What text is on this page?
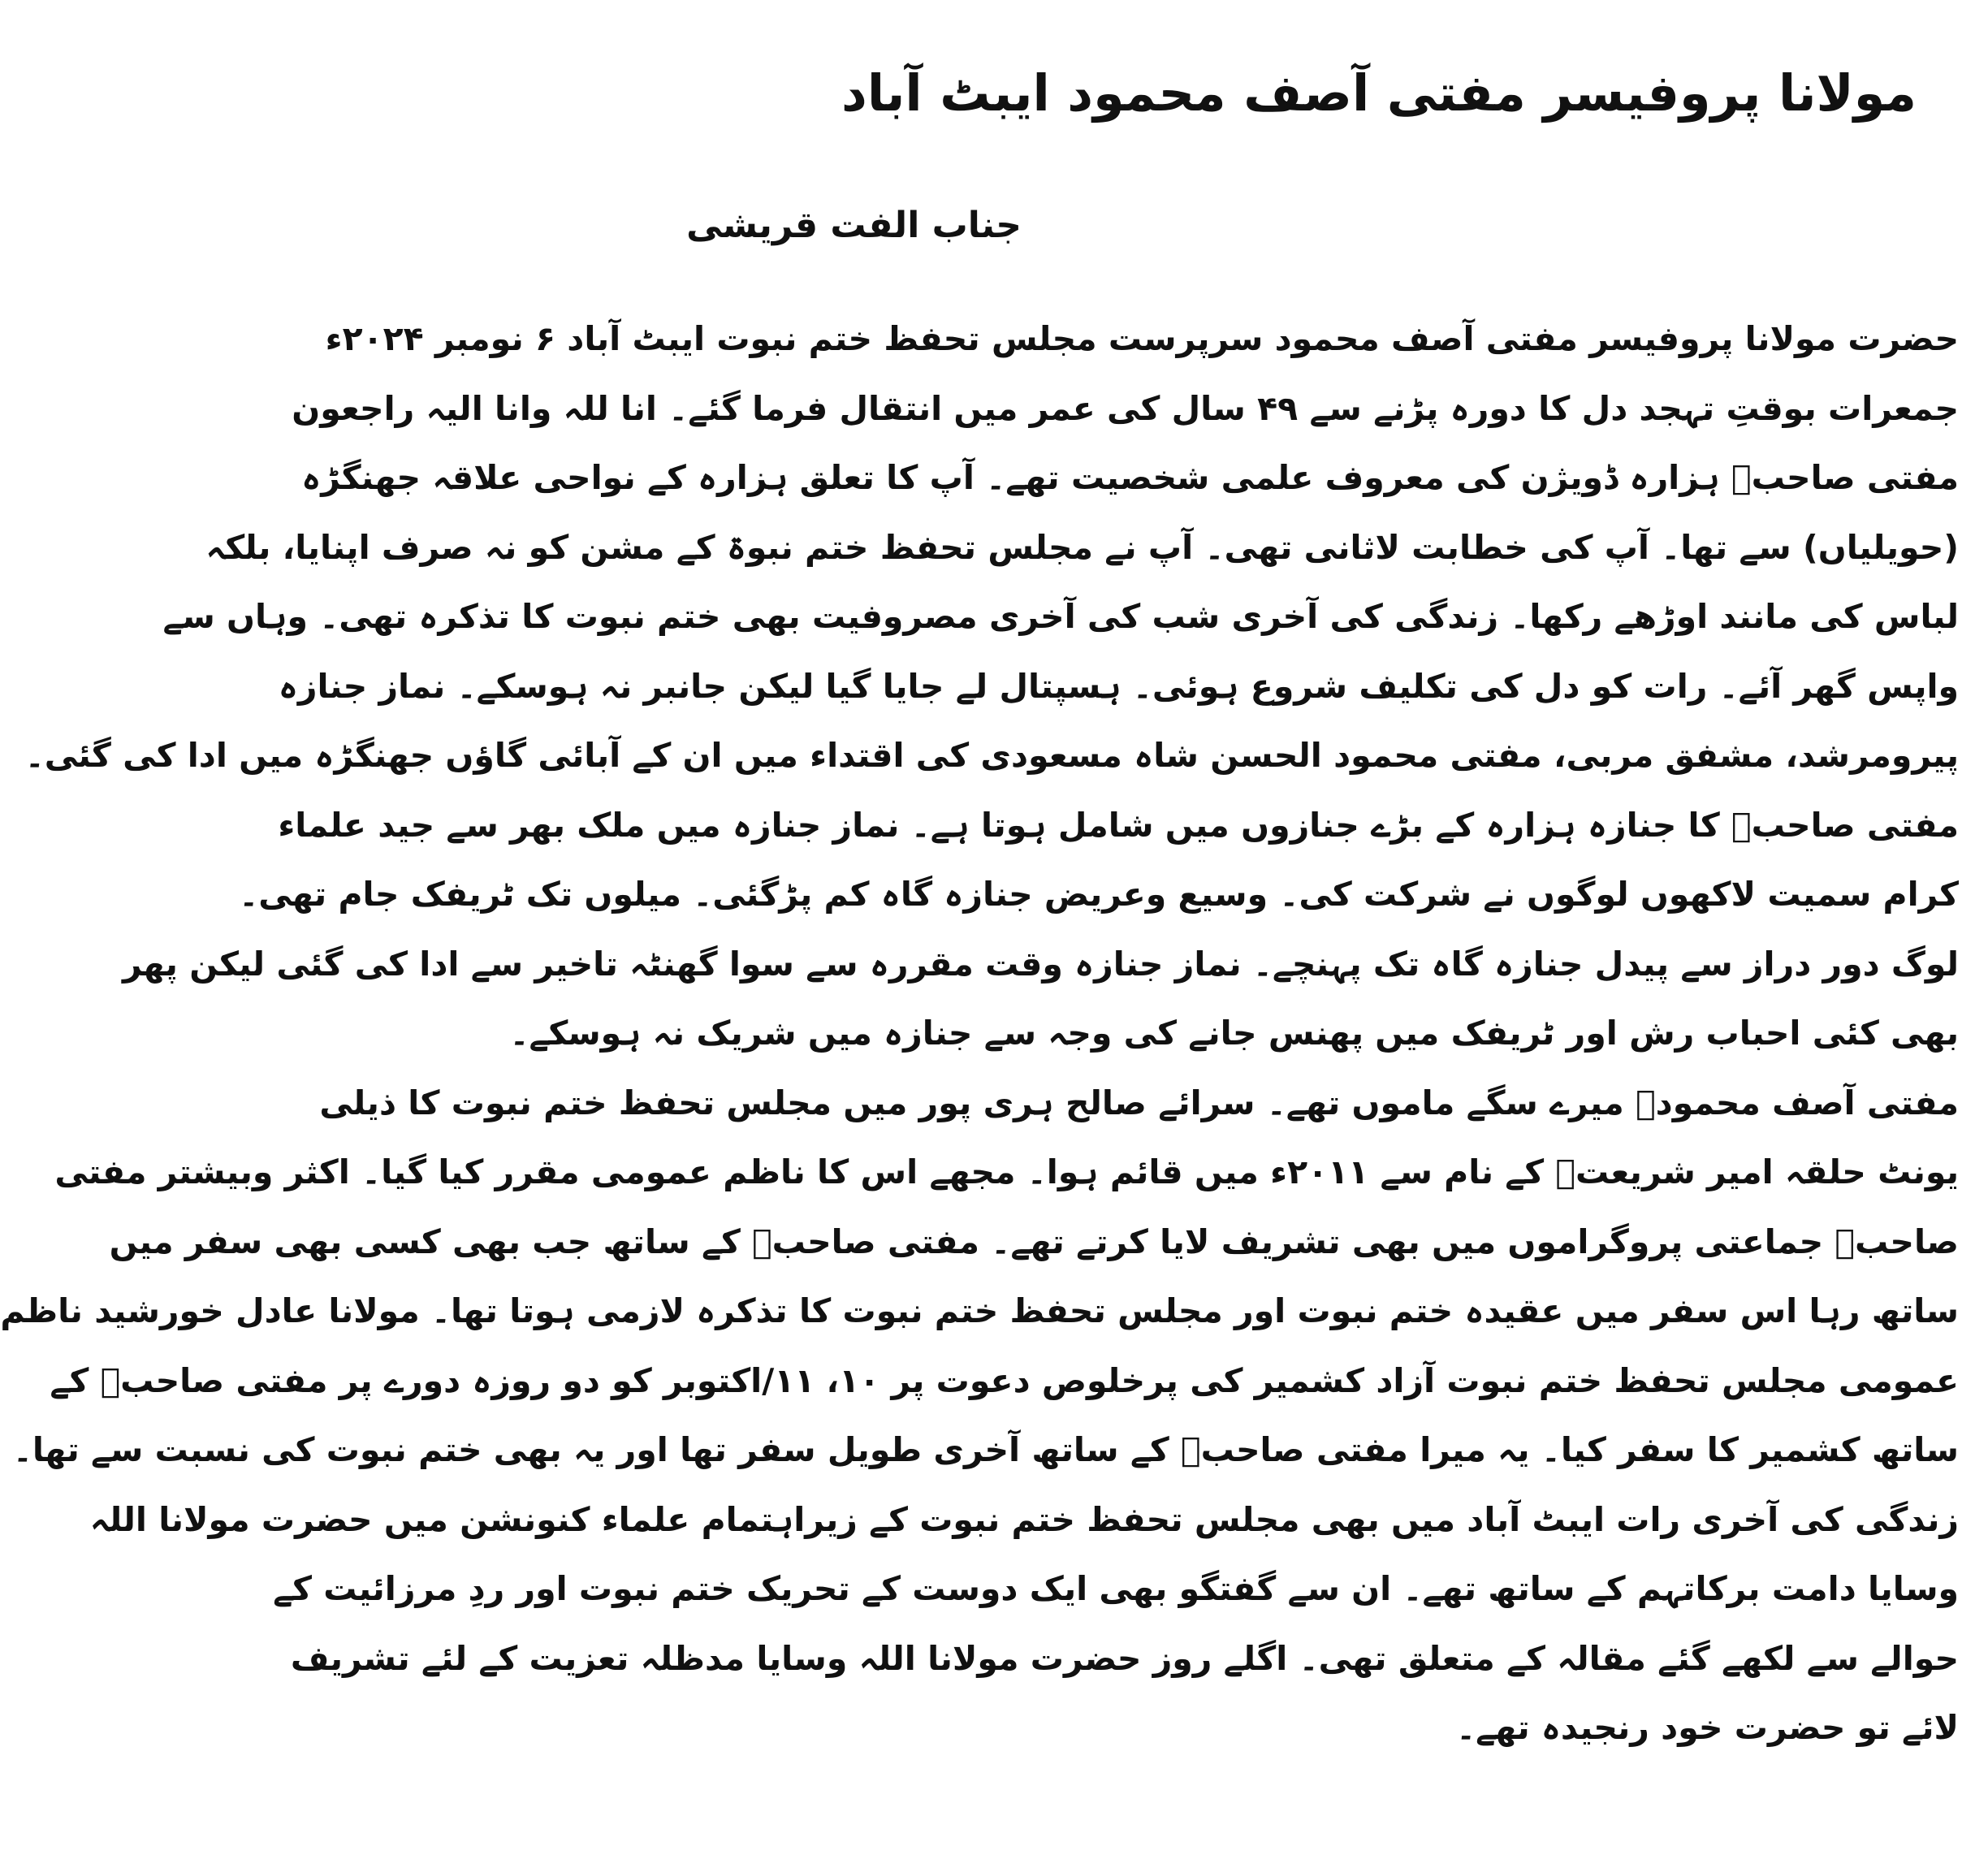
مولانا پروفیسر مفتی آصف محمود ایبٹ آباد

جناب الفت قریشی

حضرت مولانا پروفیسر مفتی آصف محمود سرپرست مجلس تحفظ ختم نبوت ایبٹ آباد ۶ نومبر ۲۰۲۴ء
جمعرات بوقتِ تہجد دل کا دورہ پڑنے سے ۴۹ سال کی عمر میں انتقال فرما گئے۔ انا للہ وانا الیہ راجعون
مفتی صاحبؒ ہزارہ ڈویژن کی معروف علمی شخصیت تھے۔ آپ کا تعلق ہزارہ کے نواحی علاقہ جھنگڑہ
(حویلیاں) سے تھا۔ آپ کی خطابت لاثانی تھی۔ آپ نے مجلس تحفظ ختم نبوۃ کے مشن کو نہ صرف اپنایا، بلکہ
لباس کی مانند اوڑھے رکھا۔ زندگی کی آخری شب کی آخری مصروفیت بھی ختم نبوت کا تذکرہ تھی۔ وہاں سے
واپس گھر آئے۔ رات کو دل کی تکلیف شروع ہوئی۔ ہسپتال لے جایا گیا لیکن جانبر نہ ہوسکے۔ نماز جنازہ
پیرومرشد، مشفق مربی، مفتی محمود الحسن شاہ مسعودی کی اقتداء میں ان کے آبائی گاؤں جھنگڑہ میں ادا کی گئی۔
مفتی صاحبؒ کا جنازہ ہزارہ کے بڑے جنازوں میں شامل ہوتا ہے۔ نماز جنازہ میں ملک بھر سے جید علماء
کرام سمیت لاکھوں لوگوں نے شرکت کی۔ وسیع وعریض جنازہ گاہ کم پڑگئی۔ میلوں تک ٹریفک جام تھی۔
لوگ دور دراز سے پیدل جنازہ گاہ تک پہنچے۔ نماز جنازہ وقت مقررہ سے سوا گھنٹہ تاخیر سے ادا کی گئی لیکن پھر
بھی کئی احباب رش اور ٹریفک میں پھنس جانے کی وجہ سے جنازہ میں شریک نہ ہوسکے۔
مفتی آصف محمودؒ میرے سگے ماموں تھے۔ سرائے صالح ہری پور میں مجلس تحفظ ختم نبوت کا ذیلی
یونٹ حلقہ امیر شریعتؒ کے نام سے ۲۰۱۱ء میں قائم ہوا۔ مجھے اس کا ناظم عمومی مقرر کیا گیا۔ اکثر وبیشتر مفتی
صاحبؒ جماعتی پروگراموں میں بھی تشریف لایا کرتے تھے۔ مفتی صاحبؒ کے ساتھ جب بھی کسی بھی سفر میں
ساتھ رہا اس سفر میں عقیدہ ختم نبوت اور مجلس تحفظ ختم نبوت کا تذکرہ لازمی ہوتا تھا۔ مولانا عادل خورشید ناظم
عمومی مجلس تحفظ ختم نبوت آزاد کشمیر کی پرخلوص دعوت پر ۱۰، ۱۱/اکتوبر کو دو روزہ دورے پر مفتی صاحبؒ کے
ساتھ کشمیر کا سفر کیا۔ یہ میرا مفتی صاحبؒ کے ساتھ آخری طویل سفر تھا اور یہ بھی ختم نبوت کی نسبت سے تھا۔
زندگی کی آخری رات ایبٹ آباد میں بھی مجلس تحفظ ختم نبوت کے زیراہتمام علماء کنونشن میں حضرت مولانا اللہ
وسایا دامت برکاتہم کے ساتھ تھے۔ ان سے گفتگو بھی ایک دوست کے تحریک ختم نبوت اور ردِ مرزائیت کے
حوالے سے لکھے گئے مقالہ کے متعلق تھی۔ اگلے روز حضرت مولانا اللہ وسایا مدظلہ تعزیت کے لئے تشریف
لائے تو حضرت خود رنجیدہ تھے۔
